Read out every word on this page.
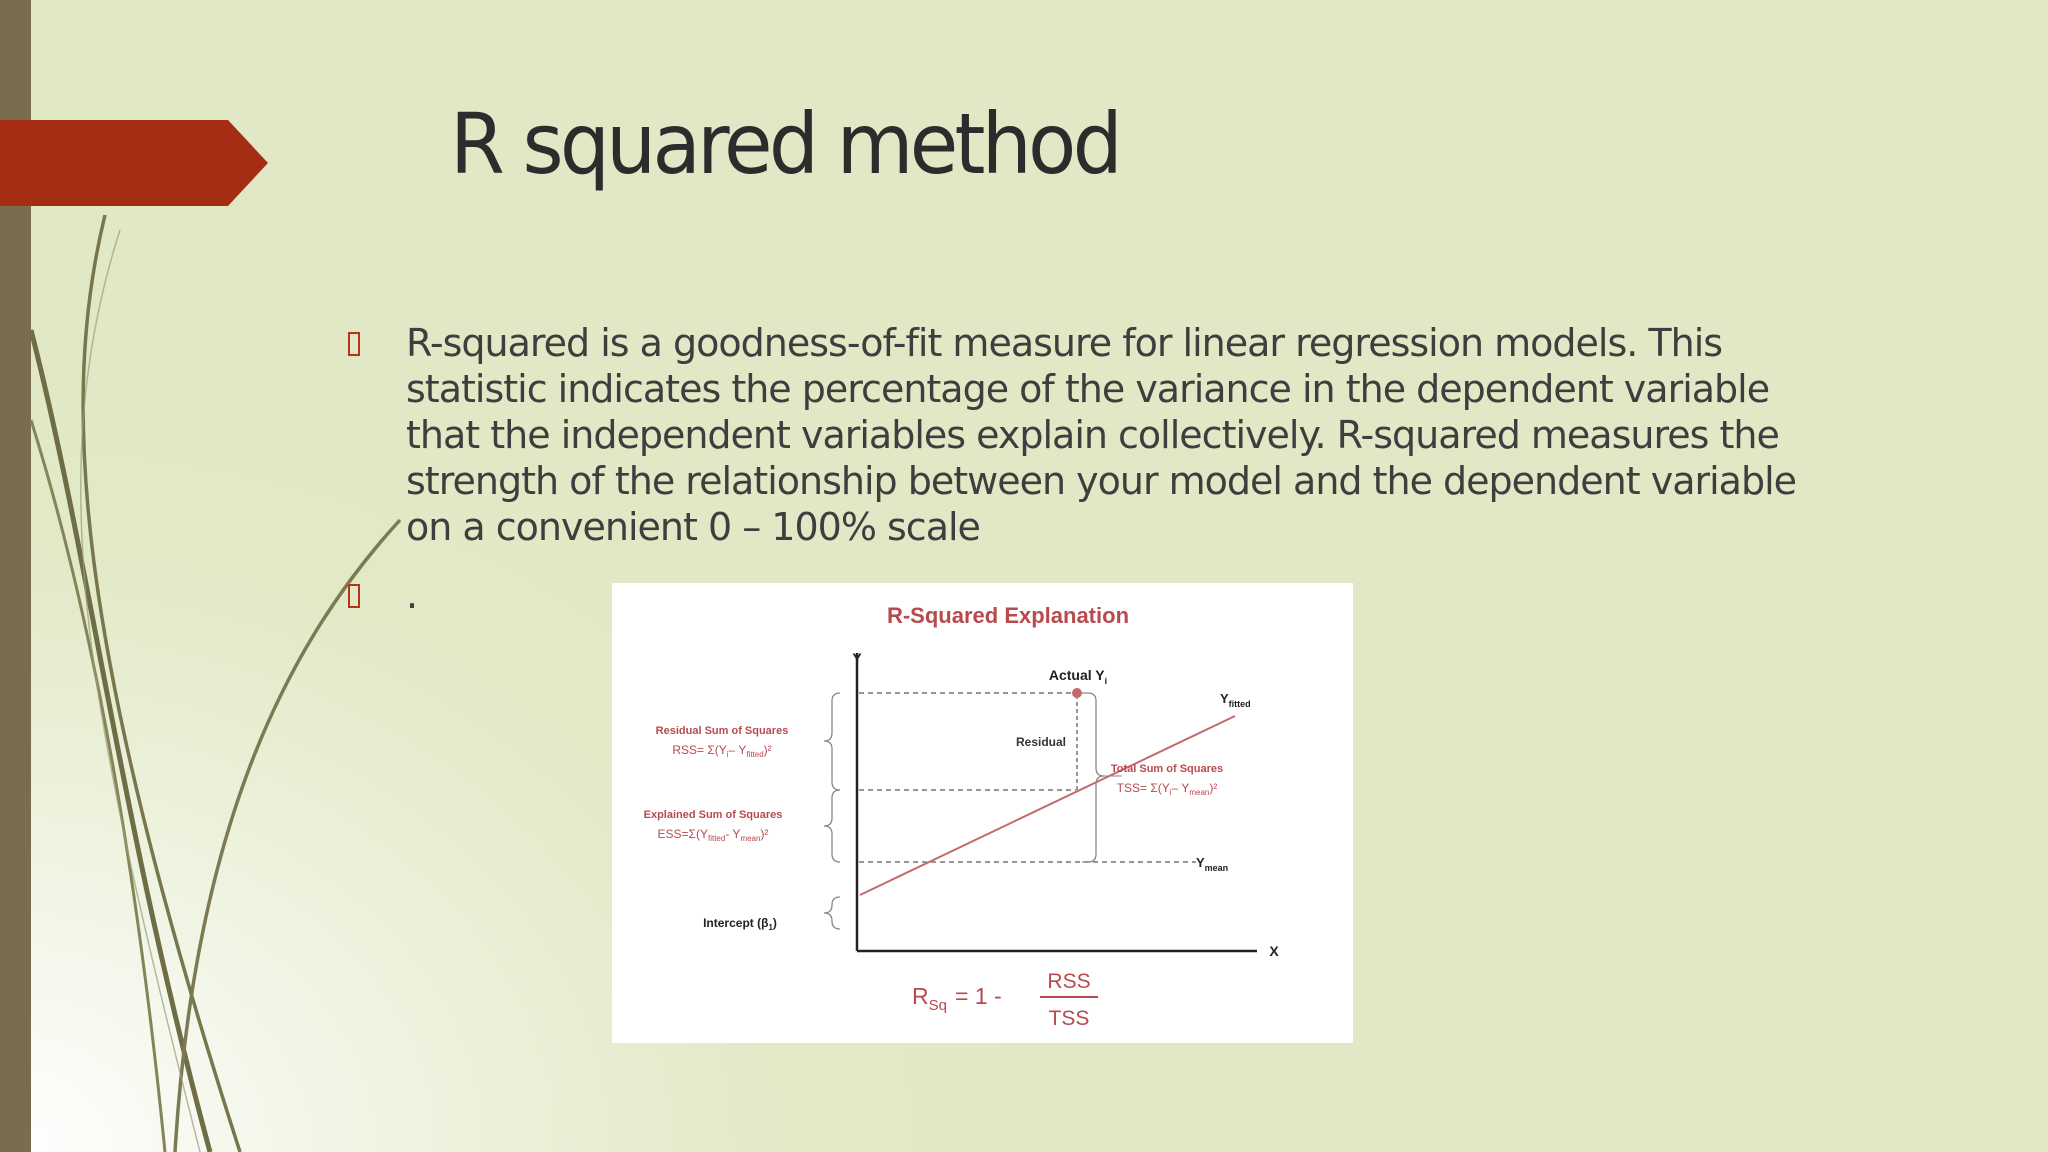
R squared method
R-squared is a goodness-of-fit measure for linear regression models. This statistic indicates the percentage of the variance in the dependent variable that the independent variables explain collectively. R-squared measures the strength of the relationship between your model and the dependent variable on a convenient 0 – 100% scale
.	R-Squared Explanation
Y
X
Actual $Y_i$
Residual
$Y_{fitted}$
$Y_{mean}$
Residual Sum of Squares
$RSS= \Sigma(Y_i-$ $Y_{fitted})^2$
Explained Sum of Squares
$ESS=\Sigma(Y_{fitted}-$ $Y_{mean})^2$
Total Sum of Squares
$TSS= \Sigma(Y_i-$ $Y_{mean})^2$
Intercept $(\beta_1)$
$R_{Sq} = 1$ -
RSS
TSS
